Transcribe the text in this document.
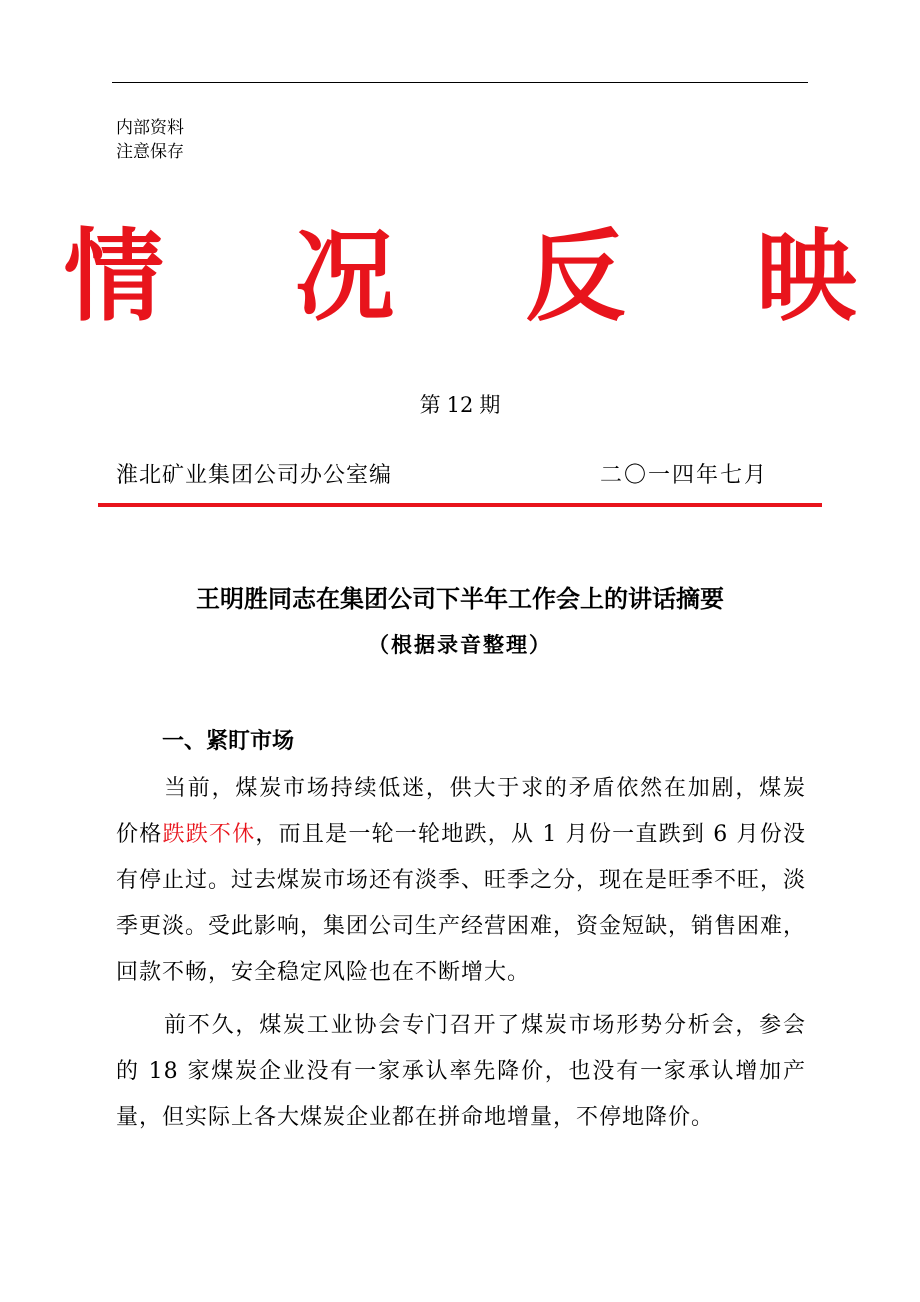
内部资料
注意保存
情 况 反 映
第 12 期
淮北矿业集团公司办公室编	二〇一四年七月
王明胜同志在集团公司下半年工作会上的讲话摘要
（根据录音整理）
一、紧盯市场
当前，煤炭市场持续低迷，供大于求的矛盾依然在加剧，煤炭价格跌跌不休，而且是一轮一轮地跌，从 1 月份一直跌到 6 月份没有停止过。过去煤炭市场还有淡季、旺季之分，现在是旺季不旺，淡季更淡。受此影响，集团公司生产经营困难，资金短缺，销售困难，回款不畅，安全稳定风险也在不断增大。
前不久，煤炭工业协会专门召开了煤炭市场形势分析会，参会的 18 家煤炭企业没有一家承认率先降价，也没有一家承认增加产量，但实际上各大煤炭企业都在拼命地增量，不停地降价。
